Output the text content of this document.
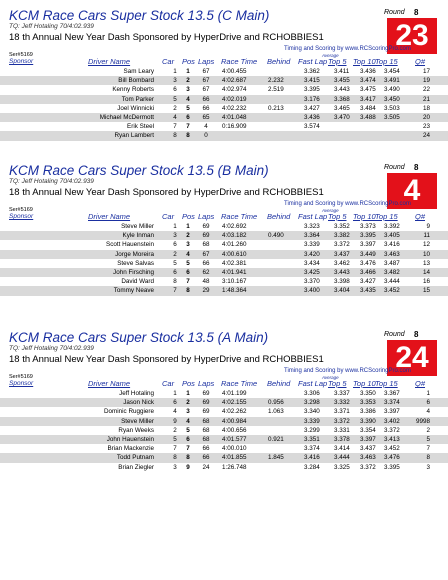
KCM Race Cars Super Stock 13.5 (C Main)
TQ: Jeff Hotaling 70/4:02.939
18 th Annual New Year Dash Sponsored by HyperDrive and RCHOBBIES1
Round 8
23
Timing and Scoring by www.RCScoringPro.com
Ser#5169
Sponsor	Driver Name	Car Pos Laps Race Time Behind Fast Lap Top 5 Top 10 Top 15 Q#
Average
Sam Leary	1	1	67	4:00.455	3.362 3.411 3.436 3.454	17
Bill Bombard	3	2	67	4:02.687	2.232	3.415 3.455 3.474 3.491	19
Kenny Roberts	6	3	67	4:02.974	2.519	3.395 3.443 3.475 3.490	22
Tom Parker	5	4	66	4:02.019	3.176 3.368 3.417 3.450	21
Joel Winnicki	2	5	66	4:02.232	0.213	3.427 3.465 3.484 3.503	18
Michael McDermott	4	6	65	4:01.048	3.436 3.470 3.488 3.505	20
Erik Steel	7	7	4	0:16.909	3.574	23
Ryan Lambert	8	8	0	24
KCM Race Cars Super Stock 13.5 (B Main)
TQ: Jeff Hotaling 70/4:02.939
18 th Annual New Year Dash Sponsored by HyperDrive and RCHOBBIES1
Round 8
4
Timing and Scoring by www.RCScoringPro.com
Ser#5169
Sponsor	Driver Name	Car Pos Laps Race Time Behind Fast Lap Top 5 Top 10 Top 15 Q#
Average
Steve Miller	1	1	69	4:02.692	3.323 3.352 3.373 3.392	9
Kyle Inman	3	2	69	4:03.182	0.490	3.364 3.382 3.395 3.405	11
Scott Hauenstein	6	3	68	4:01.260	3.339 3.372 3.397 3.416	12
Jorge Moreira	2	4	67	4:00.610	3.420 3.437 3.449 3.463	10
Steve Salvas	5	5	66	4:02.381	3.434 3.462 3.476 3.487	13
John Firsching	6	6	62	4:01.941	3.425 3.443 3.466 3.482	14
David Ward	8	7	48	3:10.167	3.370 3.398 3.427 3.444	16
Tommy Neave	7	8	29	1:48.364	3.400 3.404 3.435 3.452	15
KCM Race Cars Super Stock 13.5 (A Main)
TQ: Jeff Hotaling 70/4:02.939
18 th Annual New Year Dash Sponsored by HyperDrive and RCHOBBIES1
Round 8
24
Timing and Scoring by www.RCScoringPro.com
Ser#5169
Sponsor	Driver Name	Car Pos Laps Race Time Behind Fast Lap Top 5 Top 10 Top 15 Q#
Average
Jeff Hotaling	1	1	69	4:01.199	3.306 3.337 3.350 3.367	1
Jason Nick	6	2	69	4:02.155	0.956	3.298 3.332 3.353 3.374	6
Dominic Ruggiere	4	3	69	4:02.262	1.063	3.340 3.371 3.386 3.397	4
Steve Miller	9	4	68	4:00.984	3.339 3.372 3.390 3.402	9998
Ryan Weeks	2	5	68	4:00.656	3.299 3.331 3.354 3.372	2
John Hauenstein	5	6	68	4:01.577	0.921	3.351 3.378 3.397 3.413	5
Brian Mackenzie	7	7	66	4:00.010	3.374 3.414 3.437 3.452	7
Todd Putnam	8	8	66	4:01.855	1.845	3.416 3.444 3.463 3.476	8
Brian Ziegler	3	9	24	1:26.748	3.284 3.325 3.372 3.395	3
